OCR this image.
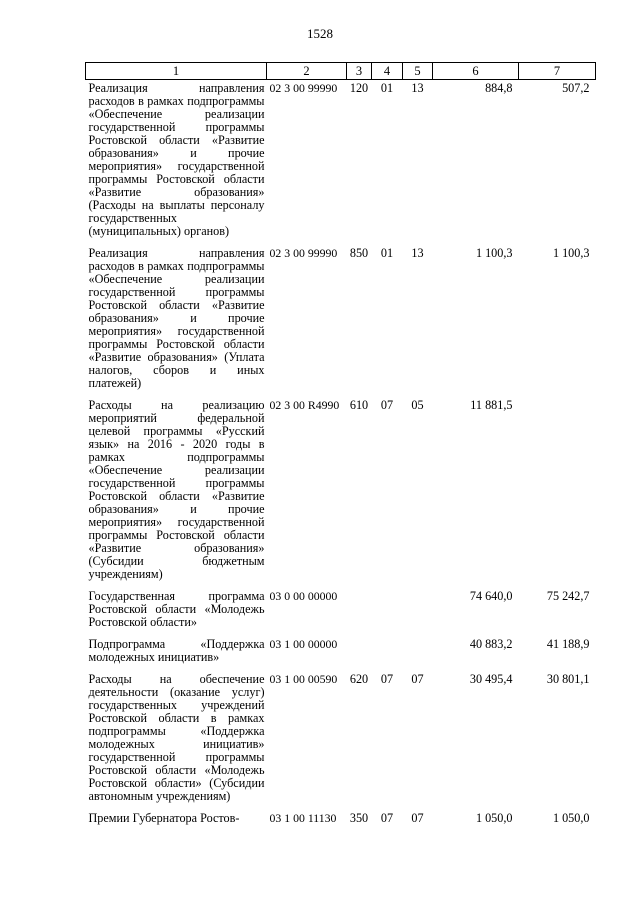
1528
1	2	3	4	5	6	7
Реализация направления расходов в рамках подпрограммы «Обеспечение реализации государственной программы Ростовской области «Развитие образования» и прочие мероприятия» государственной программы Ростовской области «Развитие образования» (Расходы на выплаты персоналу государственных (муниципальных) органов)	02 3 00 99990	120	01	13	884,8	507,2
Реализация направления расходов в рамках подпрограммы «Обеспечение реализации государственной программы Ростовской области «Развитие образования» и прочие мероприятия» государственной программы Ростовской области «Развитие образования» (Уплата налогов, сборов и иных платежей)	02 3 00 99990	850	01	13	1 100,3	1 100,3
Расходы на реализацию мероприятий федеральной целевой программы «Русский язык» на 2016 - 2020 годы в рамках подпрограммы «Обеспечение реализации государственной программы Ростовской области «Развитие образования» и прочие мероприятия» государственной программы Ростовской области «Развитие образования» (Субсидии бюджетным учреждениям)	02 3 00 R4990	610	07	05	11 881,5	
Государственная программа Ростовской области «Молодежь Ростовской области»	03 0 00 00000				74 640,0	75 242,7
Подпрограмма «Поддержка молодежных инициатив»	03 1 00 00000				40 883,2	41 188,9
Расходы на обеспечение деятельности (оказание услуг) государственных учреждений Ростовской области в рамках подпрограммы «Поддержка молодежных инициатив» государственной программы Ростовской области «Молодежь Ростовской области» (Субсидии автономным учреждениям)	03 1 00 00590	620	07	07	30 495,4	30 801,1
Премии Губернатора Ростов-	03 1 00 11130	350	07	07	1 050,0	1 050,0
